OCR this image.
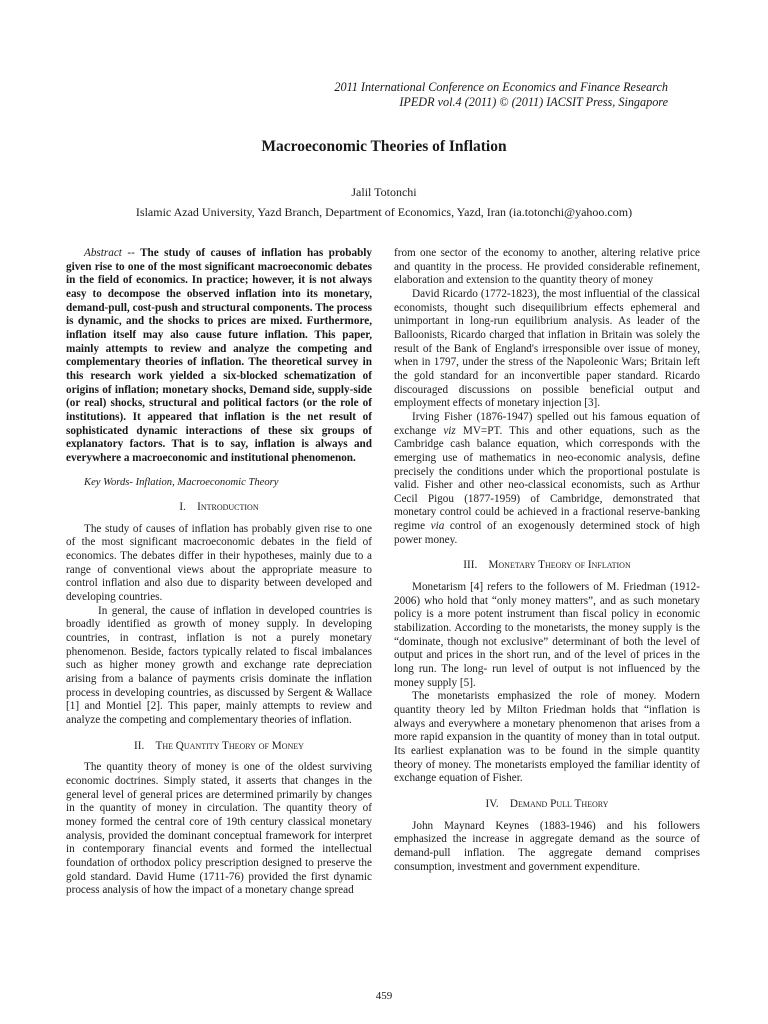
2011 International Conference on Economics and Finance Research
IPEDR vol.4 (2011) © (2011) IACSIT Press, Singapore
Macroeconomic Theories of Inflation
Jalil Totonchi
Islamic Azad University, Yazd Branch, Department of Economics, Yazd, Iran (ia.totonchi@yahoo.com)

Abstract -- The study of causes of inflation has probably given rise to one of the most significant macroeconomic debates in the field of economics. In practice; however, it is not always easy to decompose the observed inflation into its monetary, demand-pull, cost-push and structural components. The process is dynamic, and the shocks to prices are mixed. Furthermore, inflation itself may also cause future inflation. This paper, mainly attempts to review and analyze the competing and complementary theories of inflation. The theoretical survey in this research work yielded a six-blocked schematization of origins of inflation; monetary shocks, Demand side, supply-side (or real) shocks, structural and political factors (or the role of institutions). It appeared that inflation is the net result of sophisticated dynamic interactions of these six groups of explanatory factors. That is to say, inflation is always and everywhere a macroeconomic and institutional phenomenon.

Key Words- Inflation, Macroeconomic Theory

I. Introduction

The study of causes of inflation has probably given rise to one of the most significant macroeconomic debates in the field of economics. The debates differ in their hypotheses, mainly due to a range of conventional views about the appropriate measure to control inflation and also due to disparity between developed and developing countries.

In general, the cause of inflation in developed countries is broadly identified as growth of money supply. In developing countries, in contrast, inflation is not a purely monetary phenomenon. Beside, factors typically related to fiscal imbalances such as higher money growth and exchange rate depreciation arising from a balance of payments crisis dominate the inflation process in developing countries, as discussed by Sergent & Wallace [1] and Montiel [2]. This paper, mainly attempts to review and analyze the competing and complementary theories of inflation.

II. The Quantity Theory of Money

The quantity theory of money is one of the oldest surviving economic doctrines. Simply stated, it asserts that changes in the general level of general prices are determined primarily by changes in the quantity of money in circulation. The quantity theory of money formed the central core of 19th century classical monetary analysis, provided the dominant conceptual framework for interpret in contemporary financial events and formed the intellectual foundation of orthodox policy prescription designed to preserve the gold standard. David Hume (1711-76) provided the first dynamic process analysis of how the impact of a monetary change spread

from one sector of the economy to another, altering relative price and quantity in the process. He provided considerable refinement, elaboration and extension to the quantity theory of money

David Ricardo (1772-1823), the most influential of the classical economists, thought such disequilibrium effects ephemeral and unimportant in long-run equilibrium analysis. As leader of the Balloonists, Ricardo charged that inflation in Britain was solely the result of the Bank of England's irresponsible over issue of money, when in 1797, under the stress of the Napoleonic Wars; Britain left the gold standard for an inconvertible paper standard. Ricardo discouraged discussions on possible beneficial output and employment effects of monetary injection [3].

Irving Fisher (1876-1947) spelled out his famous equation of exchange viz MV=PT. This and other equations, such as the Cambridge cash balance equation, which corresponds with the emerging use of mathematics in neo-economic analysis, define precisely the conditions under which the proportional postulate is valid. Fisher and other neo-classical economists, such as Arthur Cecil Pigou (1877-1959) of Cambridge, demonstrated that monetary control could be achieved in a fractional reserve-banking regime via control of an exogenously determined stock of high power money.

III. Monetary Theory of Inflation

Monetarism [4] refers to the followers of M. Friedman (1912-2006) who hold that “only money matters”, and as such monetary policy is a more potent instrument than fiscal policy in economic stabilization. According to the monetarists, the money supply is the “dominate, though not exclusive” determinant of both the level of output and prices in the short run, and of the level of prices in the long run. The long- run level of output is not influenced by the money supply [5].

The monetarists emphasized the role of money. Modern quantity theory led by Milton Friedman holds that “inflation is always and everywhere a monetary phenomenon that arises from a more rapid expansion in the quantity of money than in total output. Its earliest explanation was to be found in the simple quantity theory of money. The monetarists employed the familiar identity of exchange equation of Fisher.

IV. Demand Pull Theory

John Maynard Keynes (1883-1946) and his followers emphasized the increase in aggregate demand as the source of demand-pull inflation. The aggregate demand comprises consumption, investment and government expenditure.

459
